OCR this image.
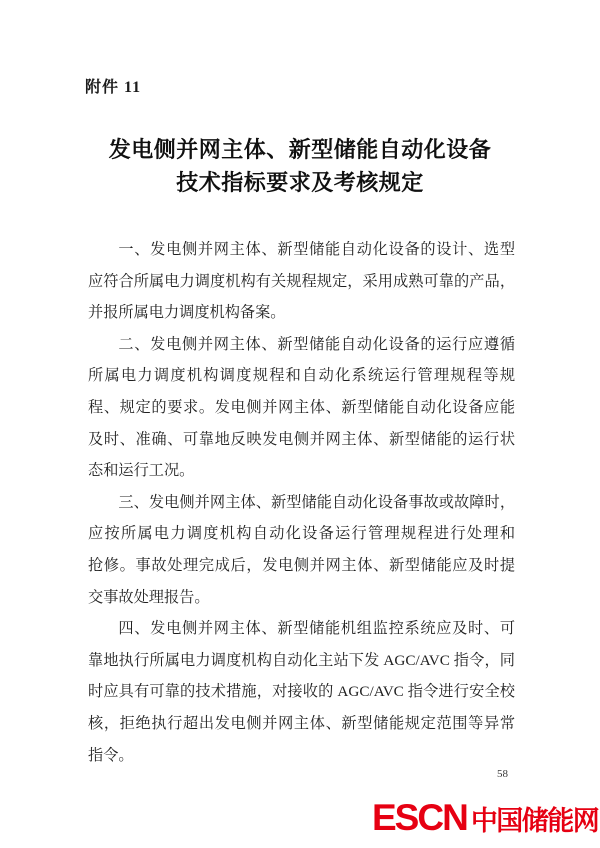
附件 11
发电侧并网主体、新型储能自动化设备
技术指标要求及考核规定
一、发电侧并网主体、新型储能自动化设备的设计、选型
应符合所属电力调度机构有关规程规定，采用成熟可靠的产品，
并报所属电力调度机构备案。
二、发电侧并网主体、新型储能自动化设备的运行应遵循
所属电力调度机构调度规程和自动化系统运行管理规程等规
程、规定的要求。发电侧并网主体、新型储能自动化设备应能
及时、准确、可靠地反映发电侧并网主体、新型储能的运行状
态和运行工况。
三、发电侧并网主体、新型储能自动化设备事故或故障时，
应按所属电力调度机构自动化设备运行管理规程进行处理和
抢修。事故处理完成后，发电侧并网主体、新型储能应及时提
交事故处理报告。
四、发电侧并网主体、新型储能机组监控系统应及时、可
靠地执行所属电力调度机构自动化主站下发 AGC/AVC 指令，同
时应具有可靠的技术措施，对接收的 AGC/AVC 指令进行安全校
核，拒绝执行超出发电侧并网主体、新型储能规定范围等异常
指令。
58
ESCN 中国储能网
